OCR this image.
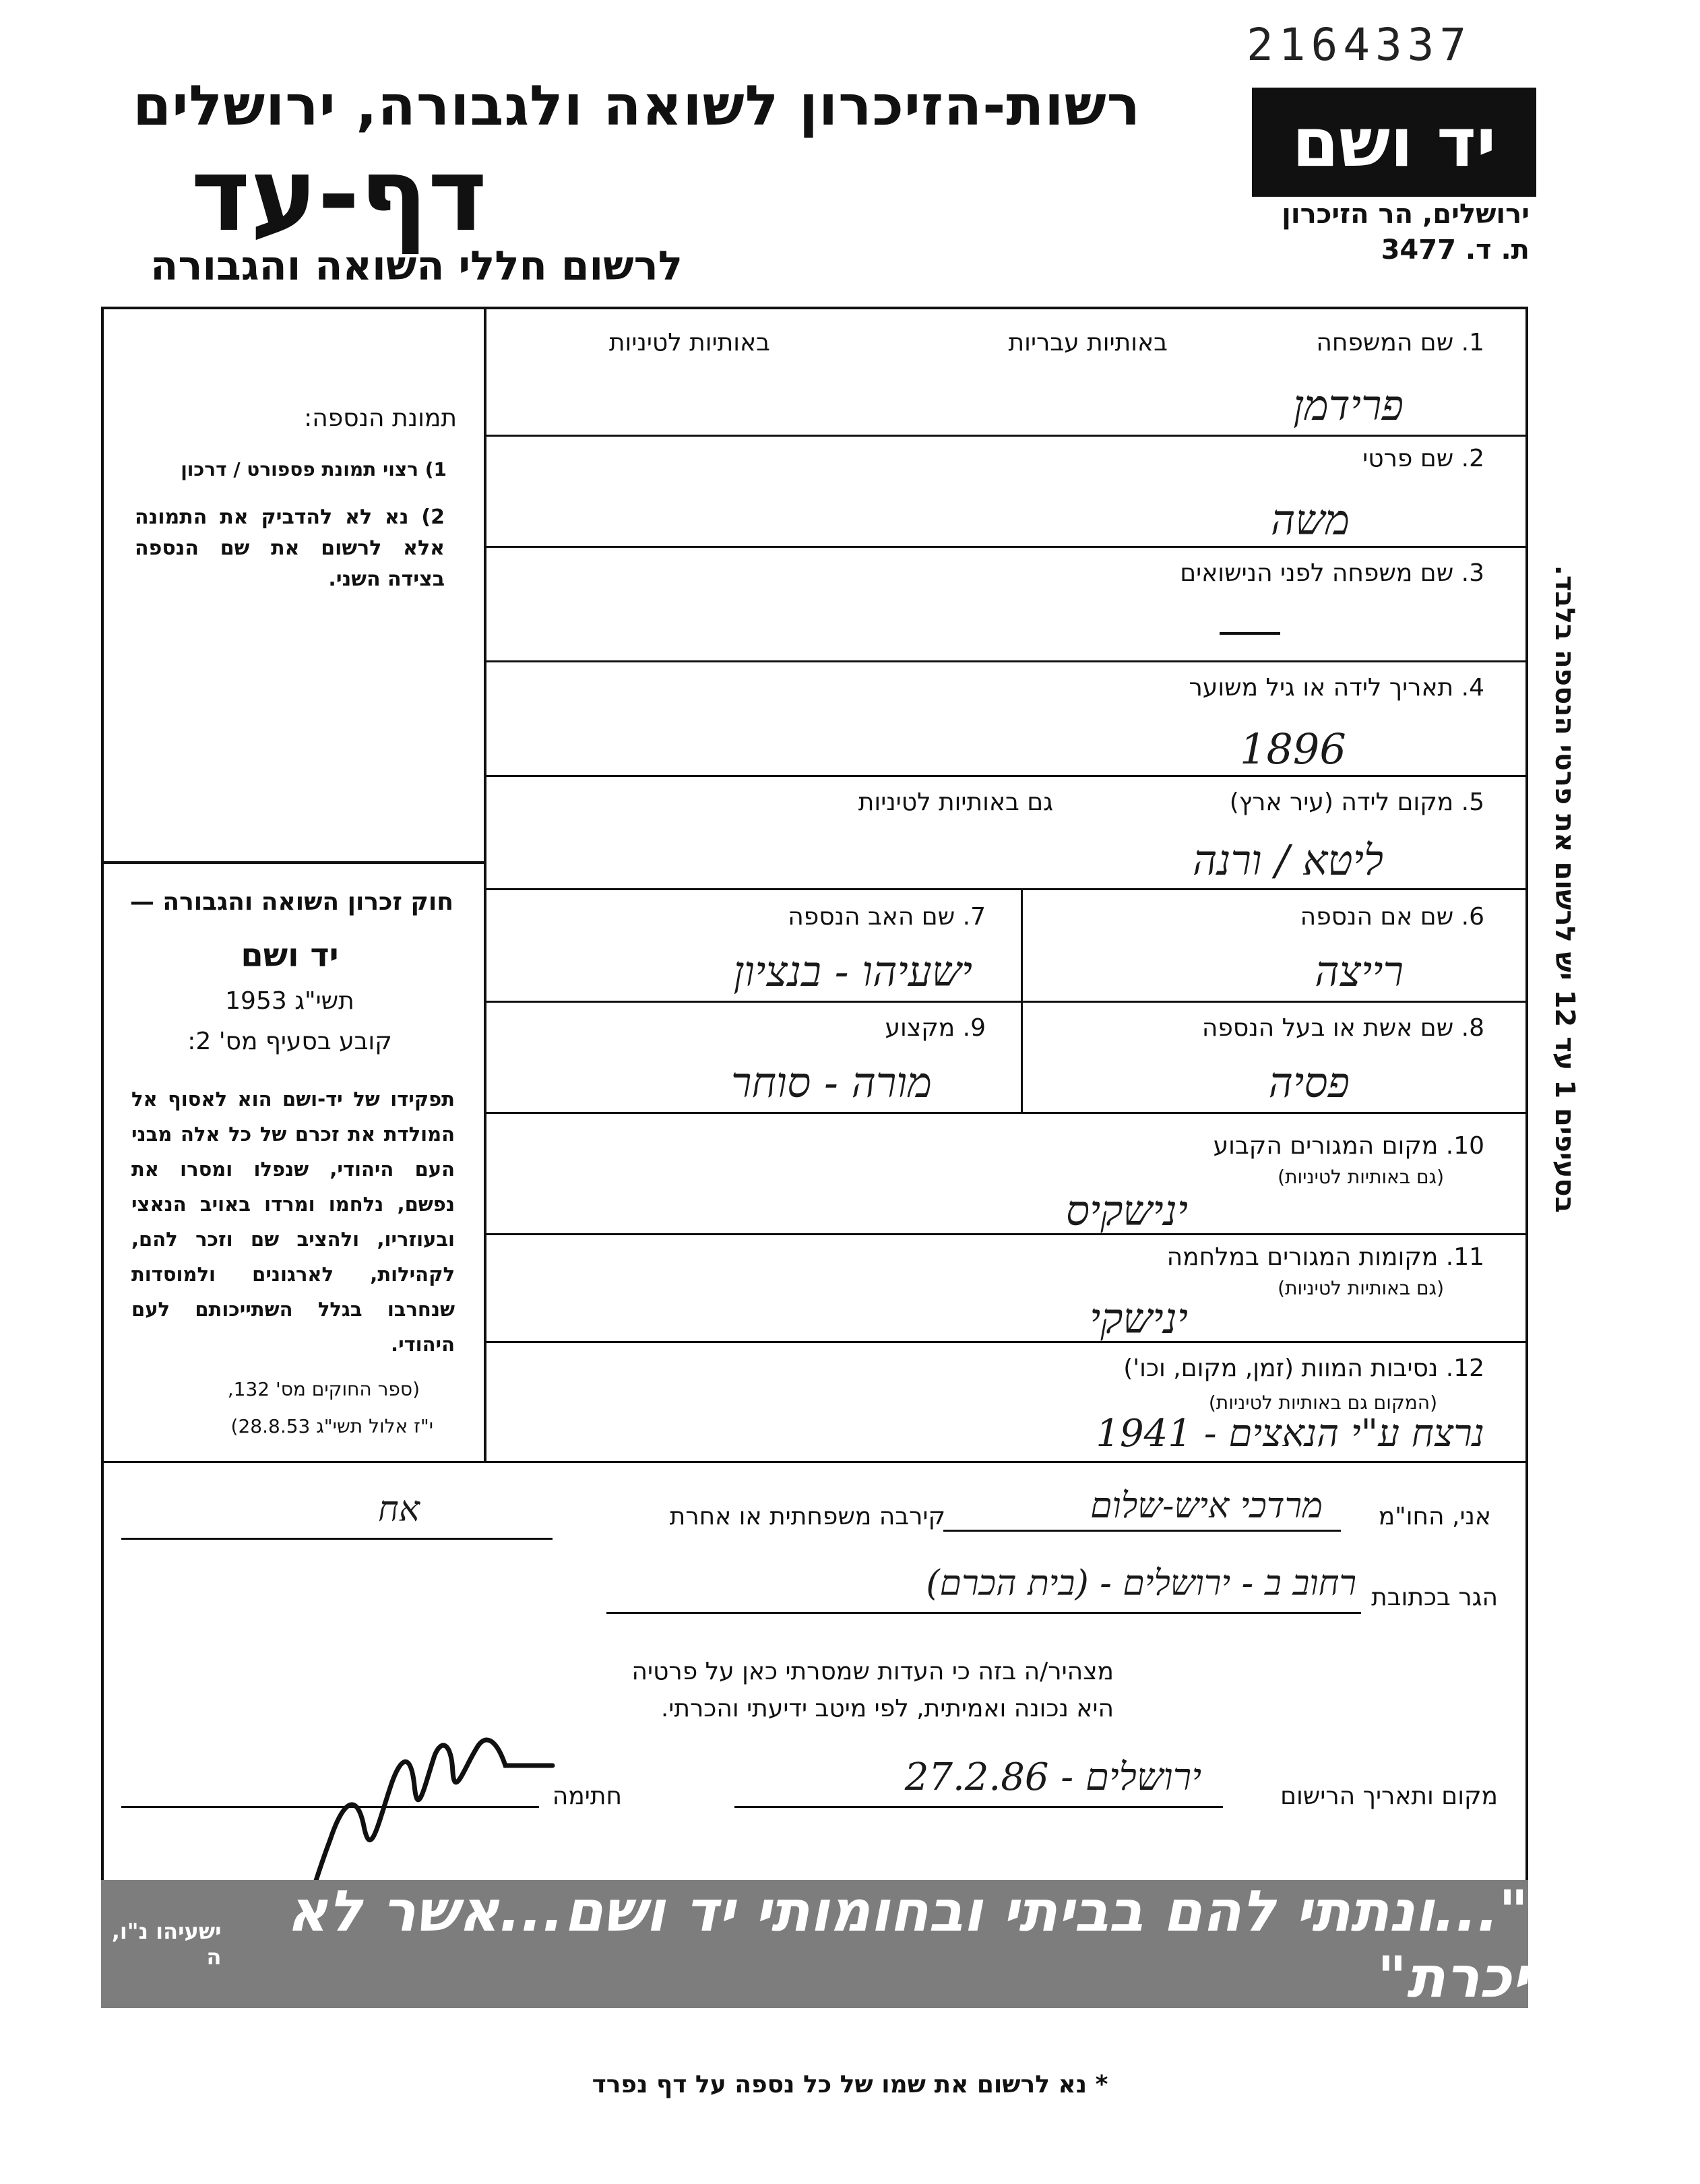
2164337
רשות-הזיכרון לשואה ולגבורה, ירושלים
דף-עד
לרשום חללי השואה והגבורה
יד ושם
ירושלים, הר הזיכרון
ת. ד. 3477
תמונת הנספה:
1) רצוי תמונת פספורט / דרכון
2) נא לא להדביק את התמונה אלא לרשום את שם הנספה בצידה השני.
חוק זכרון השואה והגבורה —
יד ושם
תשי"ג 1953
קובע בסעיף מס' 2:
תפקידו של יד-ושם הוא לאסוף אל המולדת את זכרם של כל אלה מבני העם היהודי, שנפלו ומסרו את נפשם, נלחמו ומרדו באויב הנאצי ובעוזריו, ולהציב שם וזכר להם, לקהילות, לארגונים ולמוסדות שנחרבו בגלל השתייכותם לעם היהודי.
(ספר החוקים מס' 132,
י"ז אלול תשי"ג 28.8.53)
1. שם המשפחה
באותיות עבריות
באותיות לטיניות
פרידמן
2. שם פרטי
משה
3. שם משפחה לפני הנישואים
4. תאריך לידה או גיל משוער
1896
5. מקום לידה (עיר ארץ)
גם באותיות לטיניות
ליטא / ורנה
6. שם אם הנספה
רייצה
7. שם האב הנספה
ישעיהו - בנציון
8. שם אשת או בעל הנספה
פסיה
9. מקצוע
מורה - סוחר
10. מקום המגורים הקבוע
(גם באותיות לטיניות)
ינישקיס
11. מקומות המגורים במלחמה
(גם באותיות לטיניות)
ינישקי
12. נסיבות המוות (זמן, מקום, וכו')
(המקום גם באותיות לטיניות)
נרצח ע"י הנאצים - 1941
אני, החו"מ
מרדכי איש-שלום
קירבה משפחתית או אחרת
אח
הגר בכתובת
רחוב ב - ירושלים - (בית הכרם)
מצהיר/ה בזה כי העדות שמסרתי כאן על פרטיה
היא נכונה ואמיתית, לפי מיטב ידיעתי והכרתי.
מקום ותאריך הרישום
ירושלים - 27.2.86
חתימה
בסעיפים 1 עד 12 יש לרשום את פרטי הנספה בלבד.
"...ונתתי להם בביתי ובחומותי יד ושם...אשר לא יכרת"
ישעיהו נ"ו, ה
* נא לרשום את שמו של כל נספה על דף נפרד
